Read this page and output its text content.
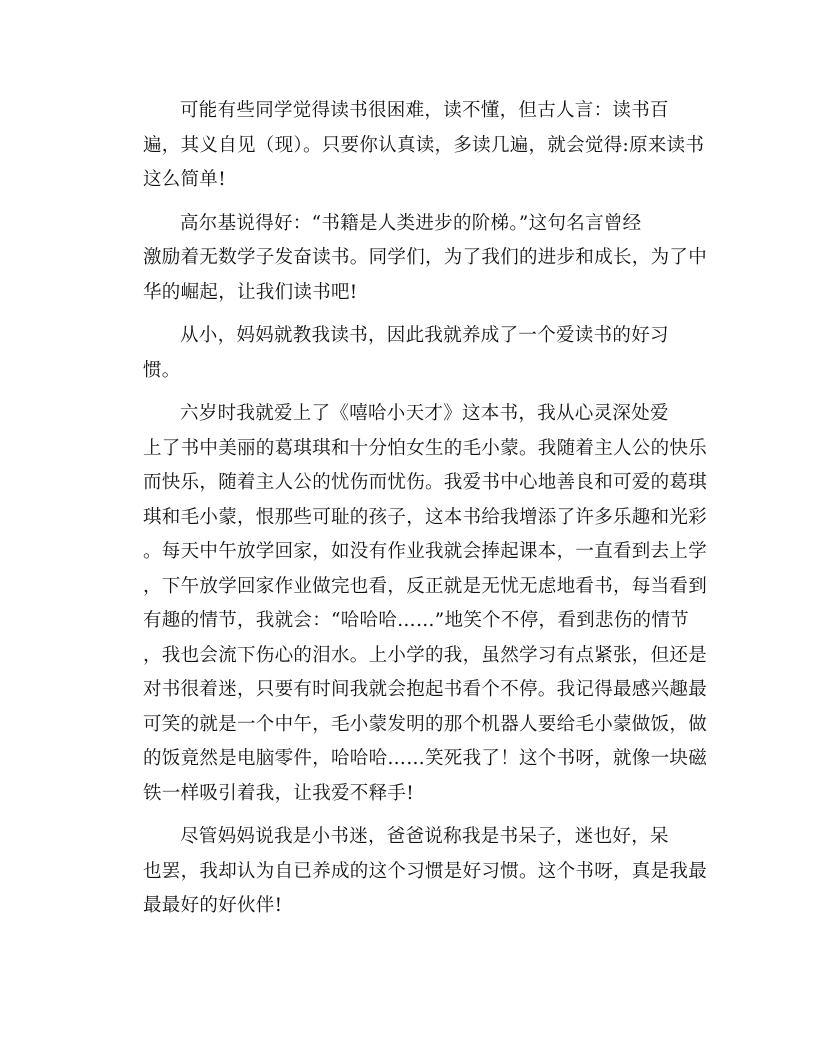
可能有些同学觉得读书很困难，读不懂，但古人言：读书百
遍，其义自见（现）。只要你认真读，多读几遍，就会觉得:原来读书
这么简单!

高尔基说得好：“书籍是人类进步的阶梯。”这句名言曾经
激励着无数学子发奋读书。同学们，为了我们的进步和成长，为了中
华的崛起，让我们读书吧!

从小，妈妈就教我读书，因此我就养成了一个爱读书的好习
惯。

六岁时我就爱上了《嘻哈小天才》这本书，我从心灵深处爱
上了书中美丽的葛琪琪和十分怕女生的毛小蒙。我随着主人公的快乐
而快乐，随着主人公的忧伤而忧伤。我爱书中心地善良和可爱的葛琪
琪和毛小蒙，恨那些可耻的孩子，这本书给我增添了许多乐趣和光彩
。每天中午放学回家，如没有作业我就会捧起课本，一直看到去上学
，下午放学回家作业做完也看，反正就是无忧无虑地看书，每当看到
有趣的情节，我就会：“哈哈哈……”地笑个不停，看到悲伤的情节
，我也会流下伤心的泪水。上小学的我，虽然学习有点紧张，但还是
对书很着迷，只要有时间我就会抱起书看个不停。我记得最感兴趣最
可笑的就是一个中午，毛小蒙发明的那个机器人要给毛小蒙做饭，做
的饭竟然是电脑零件，哈哈哈……笑死我了！这个书呀，就像一块磁
铁一样吸引着我，让我爱不释手!

尽管妈妈说我是小书迷，爸爸说称我是书呆子，迷也好，呆
也罢，我却认为自已养成的这个习惯是好习惯。这个书呀，真是我最
最最好的好伙伴!
